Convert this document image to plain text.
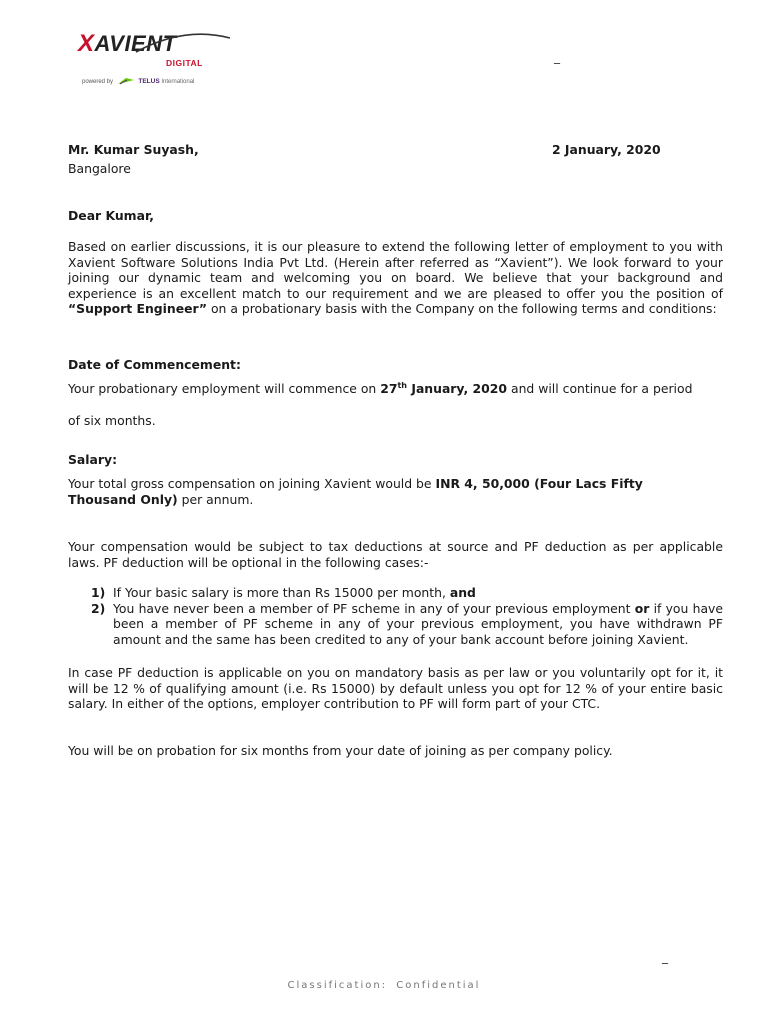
XAVIENT
DIGITAL
powered by	TELUS International
_
Mr. Kumar Suyash,	2 January, 2020
Bangalore
Dear Kumar,
Based on earlier discussions, it is our pleasure to extend the following letter of employment to you with Xavient Software Solutions India Pvt Ltd. (Herein after referred as “Xavient”). We look forward to your joining our dynamic team and welcoming you on board. We believe that your background and experience is an excellent match to our requirement and we are pleased to offer you the position of “Support Engineer” on a probationary basis with the Company on the following terms and conditions:
Date of Commencement:
Your probationary employment will commence on 27th January, 2020 and will continue for a period
of six months.
Salary:
Your total gross compensation on joining Xavient would be INR 4, 50,000 (Four Lacs Fifty Thousand Only) per annum.
Your compensation would be subject to tax deductions at source and PF deduction as per applicable laws. PF deduction will be optional in the following cases:-
1) If Your basic salary is more than Rs 15000 per month, and
2) You have never been a member of PF scheme in any of your previous employment or if you have been a member of PF scheme in any of your previous employment, you have withdrawn PF amount and the same has been credited to any of your bank account before joining Xavient.
In case PF deduction is applicable on you on mandatory basis as per law or you voluntarily opt for it, it will be 12 % of qualifying amount (i.e. Rs 15000) by default unless you opt for 12 % of your entire basic salary. In either of the options, employer contribution to PF will form part of your CTC.
You will be on probation for six months from your date of joining as per company policy.
_
Classification: Confidential
